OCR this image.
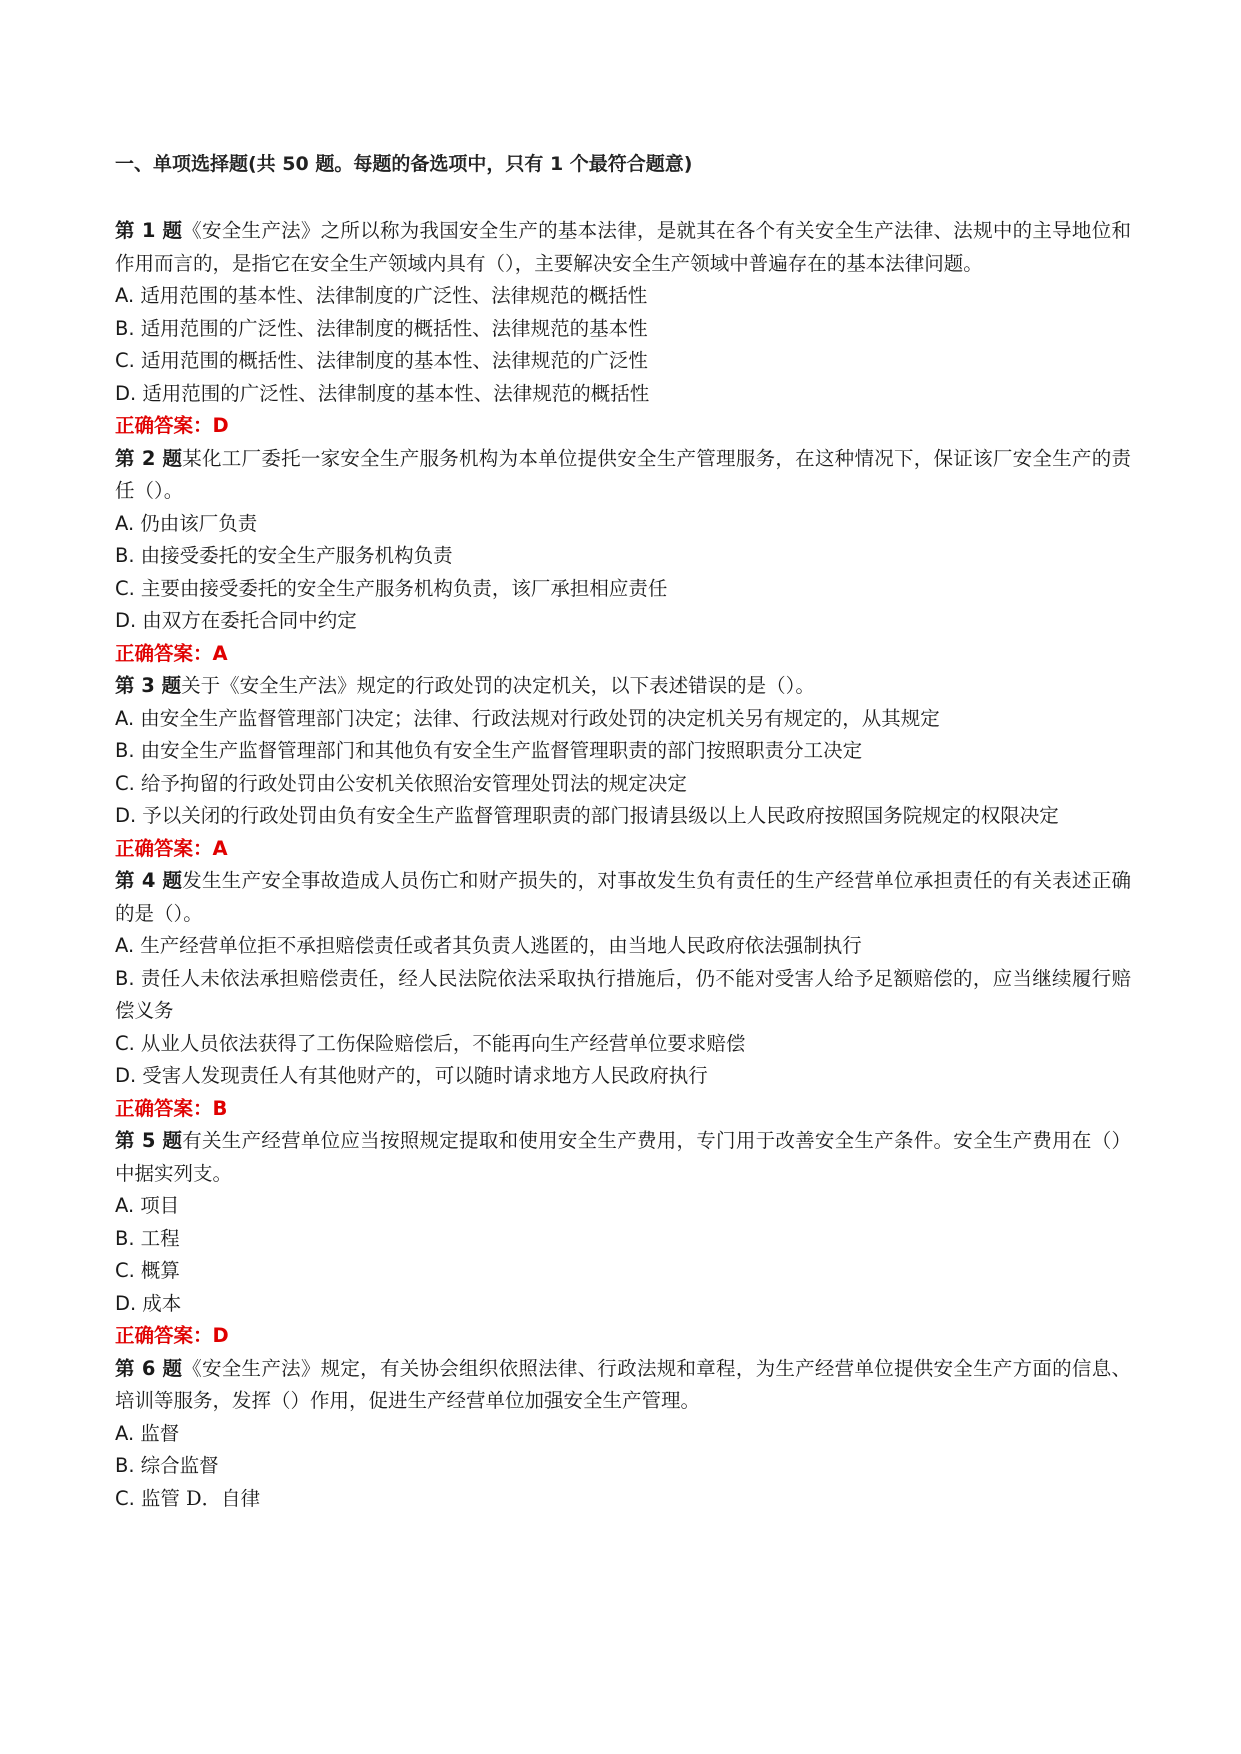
一、单项选择题(共 50 题。每题的备选项中，只有 1 个最符合题意)

第 1 题《安全生产法》之所以称为我国安全生产的基本法律，是就其在各个有关安全生产法律、法规中的主导地位和作用而言的，是指它在安全生产领域内具有（），主要解决安全生产领域中普遍存在的基本法律问题。

A. 适用范围的基本性、法律制度的广泛性、法律规范的概括性

B. 适用范围的广泛性、法律制度的概括性、法律规范的基本性

C. 适用范围的概括性、法律制度的基本性、法律规范的广泛性

D. 适用范围的广泛性、法律制度的基本性、法律规范的概括性

正确答案：D

第 2 题某化工厂委托一家安全生产服务机构为本单位提供安全生产管理服务，在这种情况下，保证该厂安全生产的责任（）。

A. 仍由该厂负责

B. 由接受委托的安全生产服务机构负责

C. 主要由接受委托的安全生产服务机构负责，该厂承担相应责任

D. 由双方在委托合同中约定

正确答案：A

第 3 题关于《安全生产法》规定的行政处罚的决定机关，以下表述错误的是（）。

A. 由安全生产监督管理部门决定；法律、行政法规对行政处罚的决定机关另有规定的，从其规定

B. 由安全生产监督管理部门和其他负有安全生产监督管理职责的部门按照职责分工决定

C. 给予拘留的行政处罚由公安机关依照治安管理处罚法的规定决定

D. 予以关闭的行政处罚由负有安全生产监督管理职责的部门报请县级以上人民政府按照国务院规定的权限决定

正确答案：A

第 4 题发生生产安全事故造成人员伤亡和财产损失的，对事故发生负有责任的生产经营单位承担责任的有关表述正确的是（）。

A. 生产经营单位拒不承担赔偿责任或者其负责人逃匿的，由当地人民政府依法强制执行

B. 责任人未依法承担赔偿责任，经人民法院依法采取执行措施后，仍不能对受害人给予足额赔偿的，应当继续履行赔偿义务

C. 从业人员依法获得了工伤保险赔偿后，不能再向生产经营单位要求赔偿

D. 受害人发现责任人有其他财产的，可以随时请求地方人民政府执行

正确答案：B

第 5 题有关生产经营单位应当按照规定提取和使用安全生产费用，专门用于改善安全生产条件。安全生产费用在（）中据实列支。

A. 项目

B. 工程

C. 概算

D. 成本

正确答案：D

第 6 题《安全生产法》规定，有关协会组织依照法律、行政法规和章程，为生产经营单位提供安全生产方面的信息、培训等服务，发挥（）作用，促进生产经营单位加强安全生产管理。

A. 监督

B. 综合监督

C. 监管 D．自律
